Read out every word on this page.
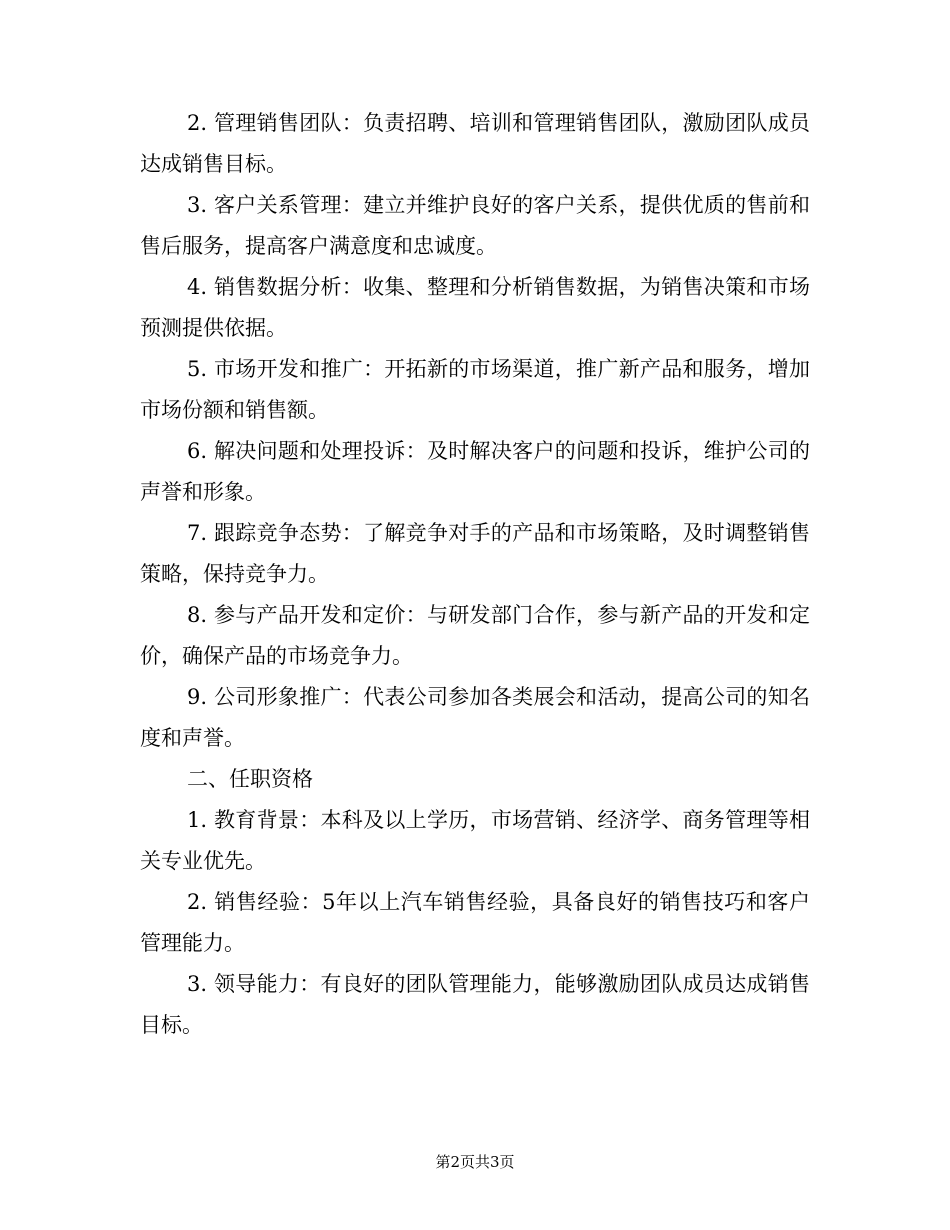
2. 管理销售团队：负责招聘、培训和管理销售团队，激励团队成员达成销售目标。

3. 客户关系管理：建立并维护良好的客户关系，提供优质的售前和售后服务，提高客户满意度和忠诚度。

4. 销售数据分析：收集、整理和分析销售数据，为销售决策和市场预测提供依据。

5. 市场开发和推广：开拓新的市场渠道，推广新产品和服务，增加市场份额和销售额。

6. 解决问题和处理投诉：及时解决客户的问题和投诉，维护公司的声誉和形象。

7. 跟踪竞争态势：了解竞争对手的产品和市场策略，及时调整销售策略，保持竞争力。

8. 参与产品开发和定价：与研发部门合作，参与新产品的开发和定价，确保产品的市场竞争力。

9. 公司形象推广：代表公司参加各类展会和活动，提高公司的知名度和声誉。

二、任职资格

1. 教育背景：本科及以上学历，市场营销、经济学、商务管理等相关专业优先。

2. 销售经验：5年以上汽车销售经验，具备良好的销售技巧和客户管理能力。

3. 领导能力：有良好的团队管理能力，能够激励团队成员达成销售目标。

第2页共3页
